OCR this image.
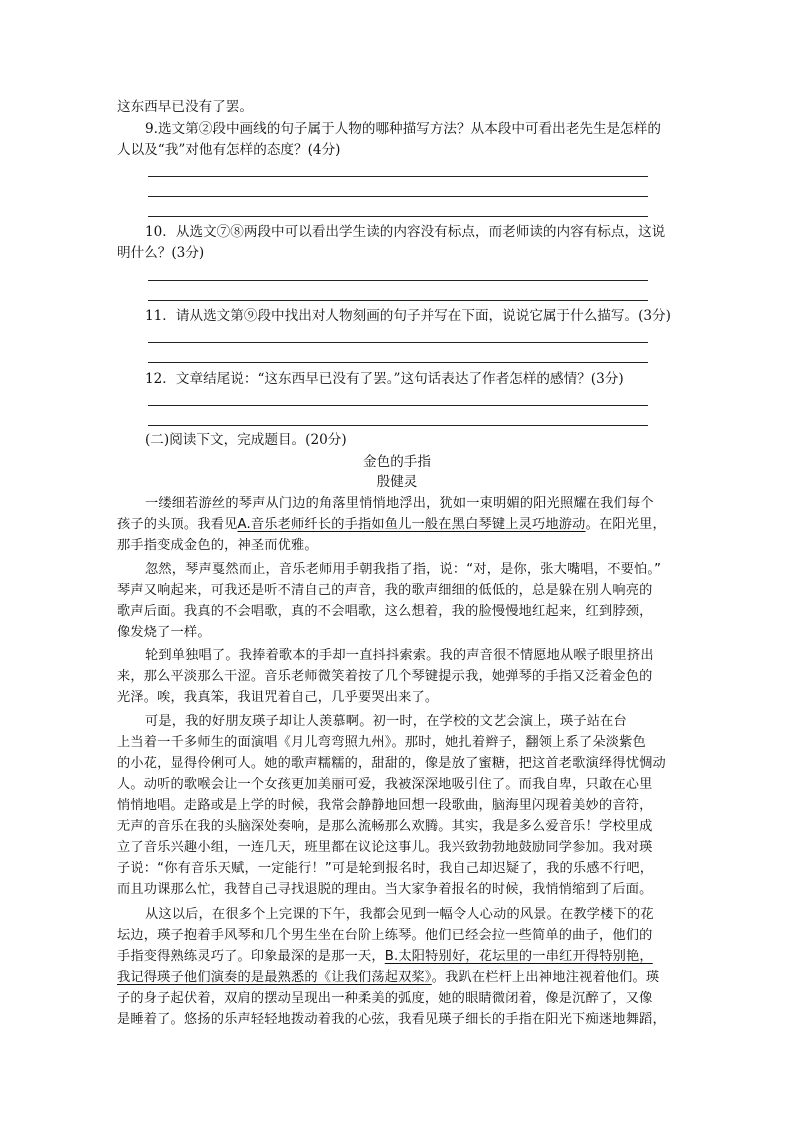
这东西早已没有了罢。
9.选文第②段中画线的句子属于人物的哪种描写方法？从本段中可看出老先生是怎样的
人以及“我”对他有怎样的态度？(4分)
10．从选文⑦⑧两段中可以看出学生读的内容没有标点，而老师读的内容有标点，这说
明什么？(3分)
11．请从选文第⑨段中找出对人物刻画的句子并写在下面，说说它属于什么描写。(3分)
12．文章结尾说：“这东西早已没有了罢。”这句话表达了作者怎样的感情？(3分)
(二)阅读下文，完成题目。(20分)
金色的手指
殷健灵
一缕细若游丝的琴声从门边的角落里悄悄地浮出，犹如一束明媚的阳光照耀在我们每个
孩子的头顶。我看见A.音乐老师纤长的手指如鱼儿一般在黑白琴键上灵巧地游动。在阳光里，
那手指变成金色的，神圣而优雅。
忽然，琴声戛然而止，音乐老师用手朝我指了指，说：“对，是你，张大嘴唱，不要怕。”
琴声又响起来，可我还是听不清自己的声音，我的歌声细细的低低的，总是躲在别人响亮的
歌声后面。我真的不会唱歌，真的不会唱歌，这么想着，我的脸慢慢地红起来，红到脖颈，
像发烧了一样。
轮到单独唱了。我捧着歌本的手却一直抖抖索索。我的声音很不情愿地从喉子眼里挤出
来，那么平淡那么干涩。音乐老师微笑着按了几个琴键提示我，她弹琴的手指又泛着金色的
光泽。唉，我真笨，我诅咒着自己，几乎要哭出来了。
可是，我的好朋友瑛子却让人羡慕啊。初一时，在学校的文艺会演上，瑛子站在台
上当着一千多师生的面演唱《月儿弯弯照九州》。那时，她扎着辫子，翻领上系了朵淡紫色
的小花，显得伶俐可人。她的歌声糯糯的，甜甜的，像是放了蜜糖，把这首老歌演绎得忧惆动
人。动听的歌喉会让一个女孩更加美丽可爱，我被深深地吸引住了。而我自卑，只敢在心里
悄悄地唱。走路或是上学的时候，我常会静静地回想一段歌曲，脑海里闪现着美妙的音符，
无声的音乐在我的头脑深处奏响，是那么流畅那么欢腾。其实，我是多么爱音乐！学校里成
立了音乐兴趣小组，一连几天，班里都在议论这事儿。我兴致勃勃地鼓励同学参加。我对瑛
子说：“你有音乐天赋，一定能行！”可是轮到报名时，我自己却迟疑了，我的乐感不行吧，
而且功课那么忙，我替自己寻找退脱的理由。当大家争着报名的时候，我悄悄缩到了后面。
从这以后，在很多个上完课的下午，我都会见到一幅令人心动的风景。在教学楼下的花
坛边，瑛子抱着手风琴和几个男生坐在台阶上练琴。他们已经会拉一些简单的曲子，他们的
手指变得熟练灵巧了。印象最深的是那一天，B.太阳特别好，花坛里的一串红开得特别艳，
我记得瑛子他们演奏的是最熟悉的《让我们荡起双桨》。我趴在栏杆上出神地注视着他们。瑛
子的身子起伏着，双肩的摆动呈现出一种柔美的弧度，她的眼睛微闭着，像是沉醉了，又像
是睡着了。悠扬的乐声轻轻地拨动着我的心弦，我看见瑛子细长的手指在阳光下痴迷地舞蹈，
